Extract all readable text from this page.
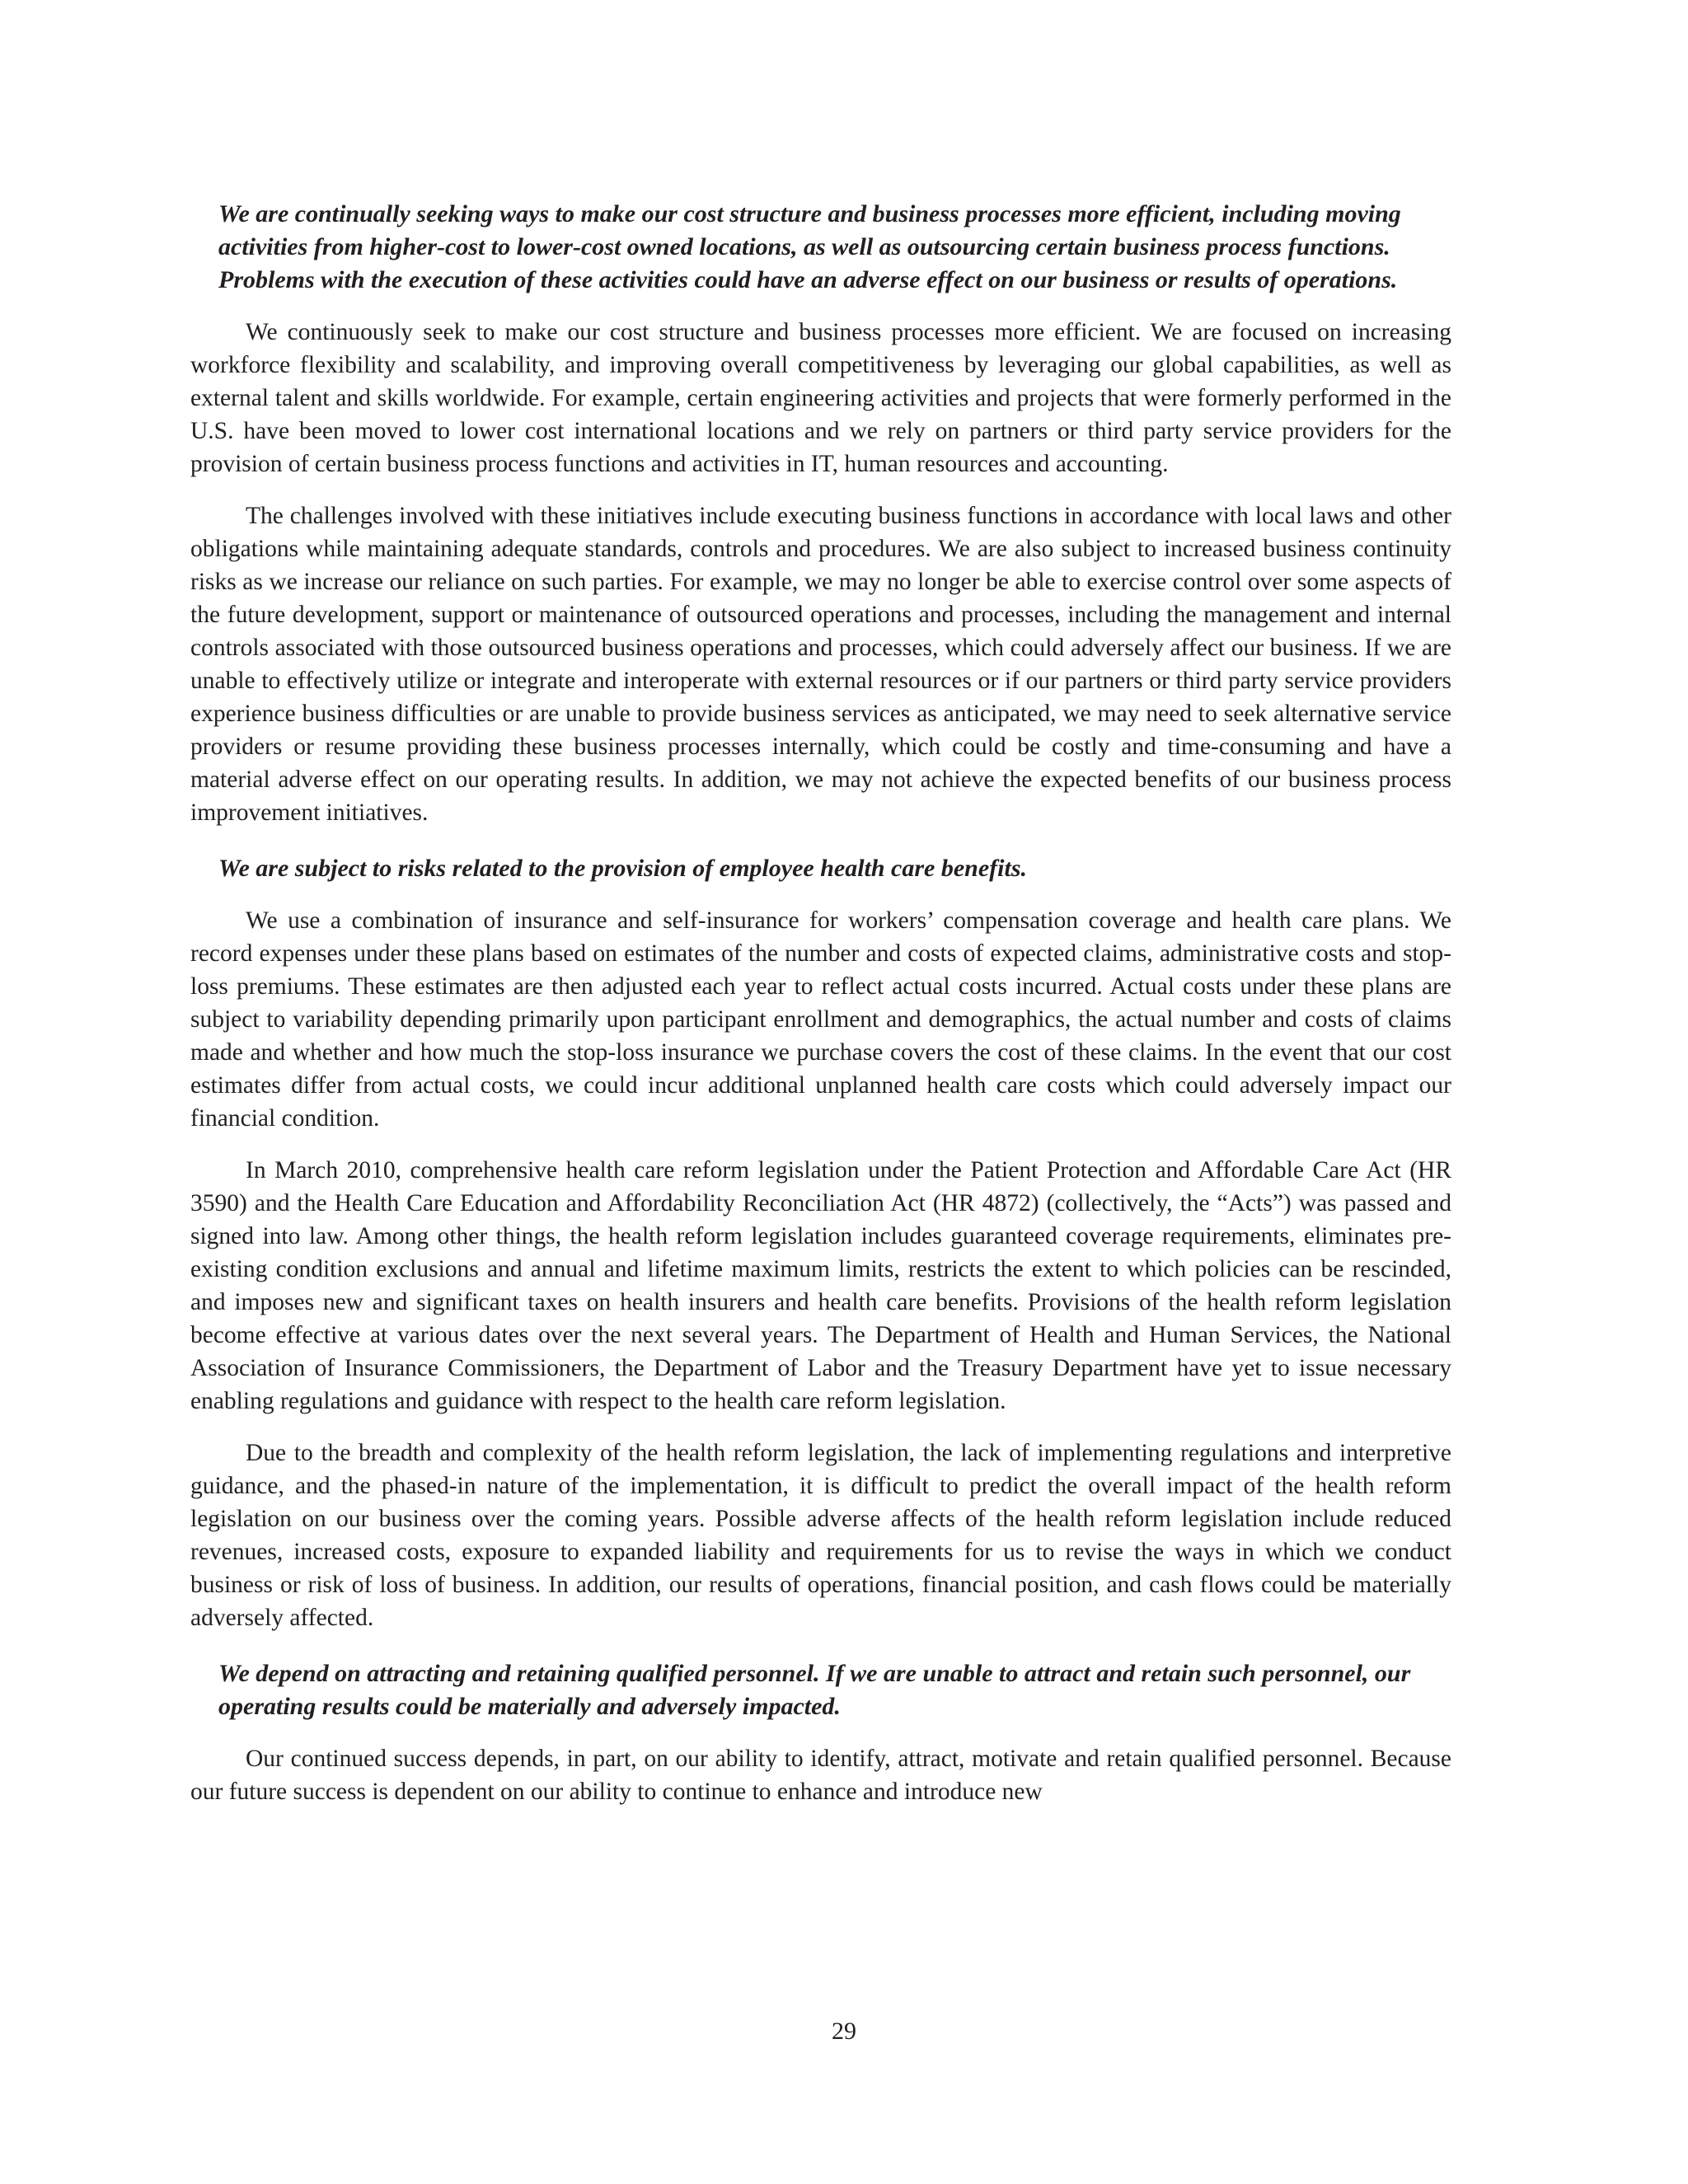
We are continually seeking ways to make our cost structure and business processes more efficient, including moving activities from higher-cost to lower-cost owned locations, as well as outsourcing certain business process functions. Problems with the execution of these activities could have an adverse effect on our business or results of operations.

We continuously seek to make our cost structure and business processes more efficient. We are focused on increasing workforce flexibility and scalability, and improving overall competitiveness by leveraging our global capabilities, as well as external talent and skills worldwide. For example, certain engineering activities and projects that were formerly performed in the U.S. have been moved to lower cost international locations and we rely on partners or third party service providers for the provision of certain business process functions and activities in IT, human resources and accounting.

The challenges involved with these initiatives include executing business functions in accordance with local laws and other obligations while maintaining adequate standards, controls and procedures. We are also subject to increased business continuity risks as we increase our reliance on such parties. For example, we may no longer be able to exercise control over some aspects of the future development, support or maintenance of outsourced operations and processes, including the management and internal controls associated with those outsourced business operations and processes, which could adversely affect our business. If we are unable to effectively utilize or integrate and interoperate with external resources or if our partners or third party service providers experience business difficulties or are unable to provide business services as anticipated, we may need to seek alternative service providers or resume providing these business processes internally, which could be costly and time-consuming and have a material adverse effect on our operating results. In addition, we may not achieve the expected benefits of our business process improvement initiatives.

We are subject to risks related to the provision of employee health care benefits.

We use a combination of insurance and self-insurance for workers’ compensation coverage and health care plans. We record expenses under these plans based on estimates of the number and costs of expected claims, administrative costs and stop-loss premiums. These estimates are then adjusted each year to reflect actual costs incurred. Actual costs under these plans are subject to variability depending primarily upon participant enrollment and demographics, the actual number and costs of claims made and whether and how much the stop-loss insurance we purchase covers the cost of these claims. In the event that our cost estimates differ from actual costs, we could incur additional unplanned health care costs which could adversely impact our financial condition.

In March 2010, comprehensive health care reform legislation under the Patient Protection and Affordable Care Act (HR 3590) and the Health Care Education and Affordability Reconciliation Act (HR 4872) (collectively, the “Acts”) was passed and signed into law. Among other things, the health reform legislation includes guaranteed coverage requirements, eliminates pre-existing condition exclusions and annual and lifetime maximum limits, restricts the extent to which policies can be rescinded, and imposes new and significant taxes on health insurers and health care benefits. Provisions of the health reform legislation become effective at various dates over the next several years. The Department of Health and Human Services, the National Association of Insurance Commissioners, the Department of Labor and the Treasury Department have yet to issue necessary enabling regulations and guidance with respect to the health care reform legislation.

Due to the breadth and complexity of the health reform legislation, the lack of implementing regulations and interpretive guidance, and the phased-in nature of the implementation, it is difficult to predict the overall impact of the health reform legislation on our business over the coming years. Possible adverse affects of the health reform legislation include reduced revenues, increased costs, exposure to expanded liability and requirements for us to revise the ways in which we conduct business or risk of loss of business. In addition, our results of operations, financial position, and cash flows could be materially adversely affected.

We depend on attracting and retaining qualified personnel. If we are unable to attract and retain such personnel, our operating results could be materially and adversely impacted.

Our continued success depends, in part, on our ability to identify, attract, motivate and retain qualified personnel. Because our future success is dependent on our ability to continue to enhance and introduce new

29
